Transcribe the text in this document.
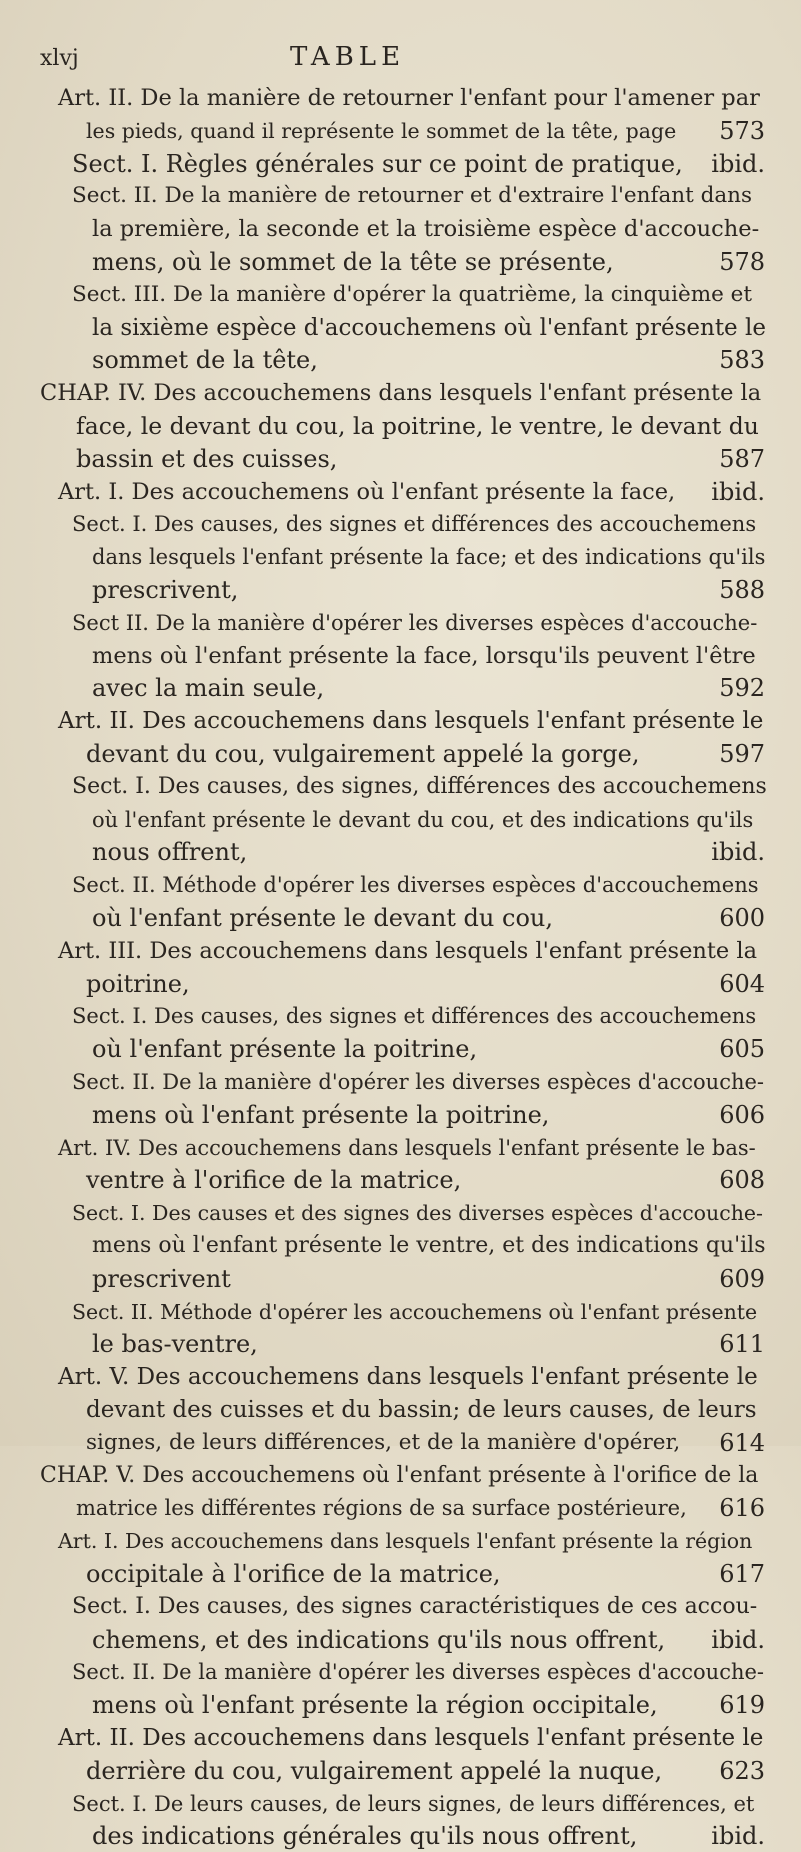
xlvj	TABLE
Art. II. De la manière de retourner l'enfant pour l'amener par
les pieds, quand il représente le sommet de la tête, page	573
Sect. I. Règles générales sur ce point de pratique,	ibid.
Sect. II. De la manière de retourner et d'extraire l'enfant dans
la première, la seconde et la troisième espèce d'accouche-
mens, où le sommet de la tête se présente,	578
Sect. III. De la manière d'opérer la quatrième, la cinquième et
la sixième espèce d'accouchemens où l'enfant présente le
sommet de la tête,	583
CHAP. IV. Des accouchemens dans lesquels l'enfant présente la
face, le devant du cou, la poitrine, le ventre, le devant du
bassin et des cuisses,	587
Art. I. Des accouchemens où l'enfant présente la face,	ibid.
Sect. I. Des causes, des signes et différences des accouchemens
dans lesquels l'enfant présente la face; et des indications qu'ils
prescrivent,	588
Sect II. De la manière d'opérer les diverses espèces d'accouche-
mens où l'enfant présente la face, lorsqu'ils peuvent l'être
avec la main seule,	592
Art. II. Des accouchemens dans lesquels l'enfant présente le
devant du cou, vulgairement appelé la gorge,	597
Sect. I. Des causes, des signes, différences des accouchemens
où l'enfant présente le devant du cou, et des indications qu'ils
nous offrent,	ibid.
Sect. II. Méthode d'opérer les diverses espèces d'accouchemens
où l'enfant présente le devant du cou,	600
Art. III. Des accouchemens dans lesquels l'enfant présente la
poitrine,	604
Sect. I. Des causes, des signes et différences des accouchemens
où l'enfant présente la poitrine,	605
Sect. II. De la manière d'opérer les diverses espèces d'accouche-
mens où l'enfant présente la poitrine,	606
Art. IV. Des accouchemens dans lesquels l'enfant présente le bas-
ventre à l'orifice de la matrice,	608
Sect. I. Des causes et des signes des diverses espèces d'accouche-
mens où l'enfant présente le ventre, et des indications qu'ils
prescrivent	609
Sect. II. Méthode d'opérer les accouchemens où l'enfant présente
le bas-ventre,	611
Art. V. Des accouchemens dans lesquels l'enfant présente le
devant des cuisses et du bassin; de leurs causes, de leurs
signes, de leurs différences, et de la manière d'opérer,	614
CHAP. V. Des accouchemens où l'enfant présente à l'orifice de la
matrice les différentes régions de sa surface postérieure,	616
Art. I. Des accouchemens dans lesquels l'enfant présente la région
occipitale à l'orifice de la matrice,	617
Sect. I. Des causes, des signes caractéristiques de ces accou-
chemens, et des indications qu'ils nous offrent,	ibid.
Sect. II. De la manière d'opérer les diverses espèces d'accouche-
mens où l'enfant présente la région occipitale,	619
Art. II. Des accouchemens dans lesquels l'enfant présente le
derrière du cou, vulgairement appelé la nuque,	623
Sect. I. De leurs causes, de leurs signes, de leurs différences, et
des indications générales qu'ils nous offrent,	ibid.
